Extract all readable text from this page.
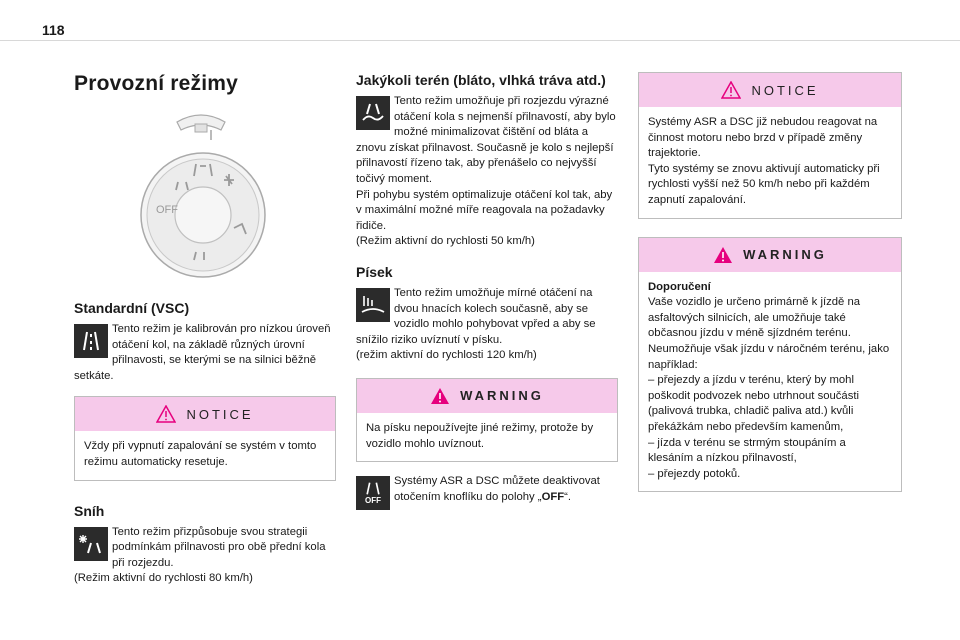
118
Provozní režimy
OFF
Standardní (VSC)

Tento režim je kalibrován pro nízkou úroveň otáčení kol, na základě různých úrovní přilnavosti, se kterými se na silnici běžně setkáte.

NOTICE

Vždy při vypnutí zapalování se systém v tomto režimu automaticky resetuje.

Sníh

Tento režim přizpůsobuje svou strategii podmínkám přilnavosti pro obě přední kola při rozjezdu.

(Režim aktivní do rychlosti 80 km/h)

Jakýkoli terén (bláto, vlhká tráva atd.)

Tento režim umožňuje při rozjezdu výrazné otáčení kola s nejmenší přilnavostí, aby bylo možné minimalizovat čištění od bláta a znovu získat přilnavost. Současně je kolo s nejlepší přilnavostí řízeno tak, aby přenášelo co nejvyšší točivý moment.

Při pohybu systém optimalizuje otáčení kol tak, aby v maximální možné míře reagovala na požadavky řidiče.

(Režim aktivní do rychlosti 50 km/h)

Písek

Tento režim umožňuje mírné otáčení na dvou hnacích kolech současně, aby se vozidlo mohlo pohybovat vpřed a aby se snížilo riziko uvíznutí v písku.

(režim aktivní do rychlosti 120 km/h)

WARNING

Na písku nepoužívejte jiné režimy, protože by vozidlo mohlo uvíznout.

OFF

Systémy ASR a DSC můžete deaktivovat otočením knoflíku do polohy „OFF“.

NOTICE

Systémy ASR a DSC již nebudou reagovat na činnost motoru nebo brzd v případě změny trajektorie.

Tyto systémy se znovu aktivují automaticky při rychlosti vyšší než 50 km/h nebo při každém zapnutí zapalování.

WARNING

Doporučení

Vaše vozidlo je určeno primárně k jízdě na asfaltových silnicích, ale umožňuje také občasnou jízdu v méně sjízdném terénu.

Neumožňuje však jízdu v náročném terénu, jako například:

– přejezdy a jízdu v terénu, který by mohl poškodit podvozek nebo utrhnout součásti (palivová trubka, chladič paliva atd.) kvůli překážkám nebo především kamenům,

– jízda v terénu se strmým stoupáním a klesáním a nízkou přilnavostí,

– přejezdy potoků.
